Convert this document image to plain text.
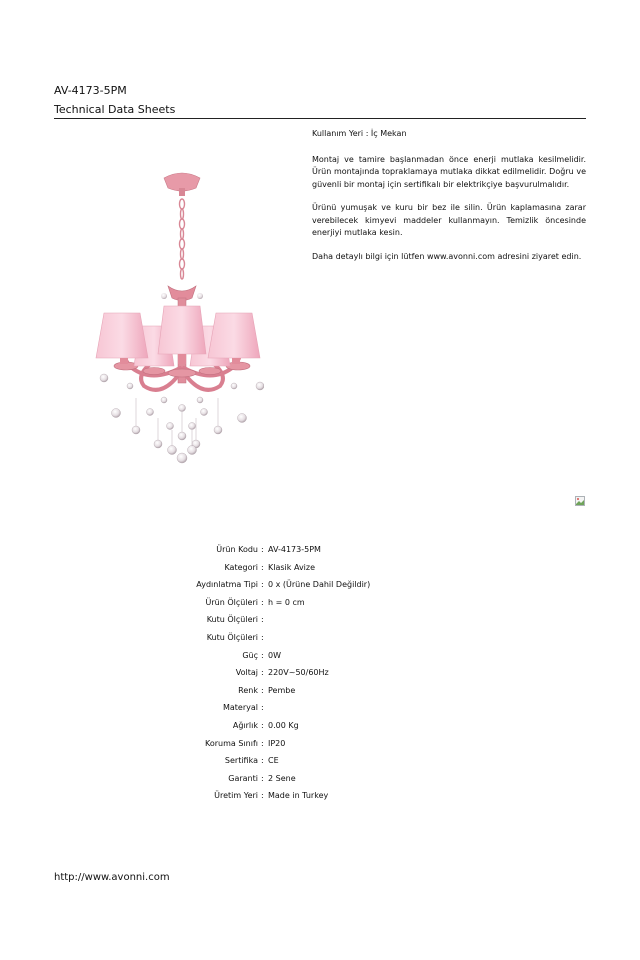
AV-4173-5PM
Technical Data Sheets

Kullanım Yeri : İç Mekan

Montaj ve tamire başlanmadan önce enerji mutlaka kesilmelidir. Ürün montajında topraklamaya mutlaka dikkat edilmelidir. Doğru ve güvenli bir montaj için sertifikalı bir elektrikçiye başvurulmalıdır.

Ürünü yumuşak ve kuru bir bez ile silin. Ürün kaplamasına zarar verebilecek kimyevi maddeler kullanmayın. Temizlik öncesinde enerjiyi mutlaka kesin.

Daha detaylı bilgi için lütfen www.avonni.com adresini ziyaret edin.

Ürün Kodu : AV-4173-5PM
Kategori : Klasik Avize
Aydınlatma Tipi : 0 x (Ürüne Dahil Değildir)
Ürün Ölçüleri : h = 0 cm
Kutu Ölçüleri :
Kutu Ölçüleri :
Güç : 0W
Voltaj : 220V~50/60Hz
Renk : Pembe
Materyal :
Ağırlık : 0.00 Kg
Koruma Sınıfı : IP20
Sertifika : CE
Garanti : 2 Sene
Üretim Yeri : Made in Turkey
http://www.avonni.com
